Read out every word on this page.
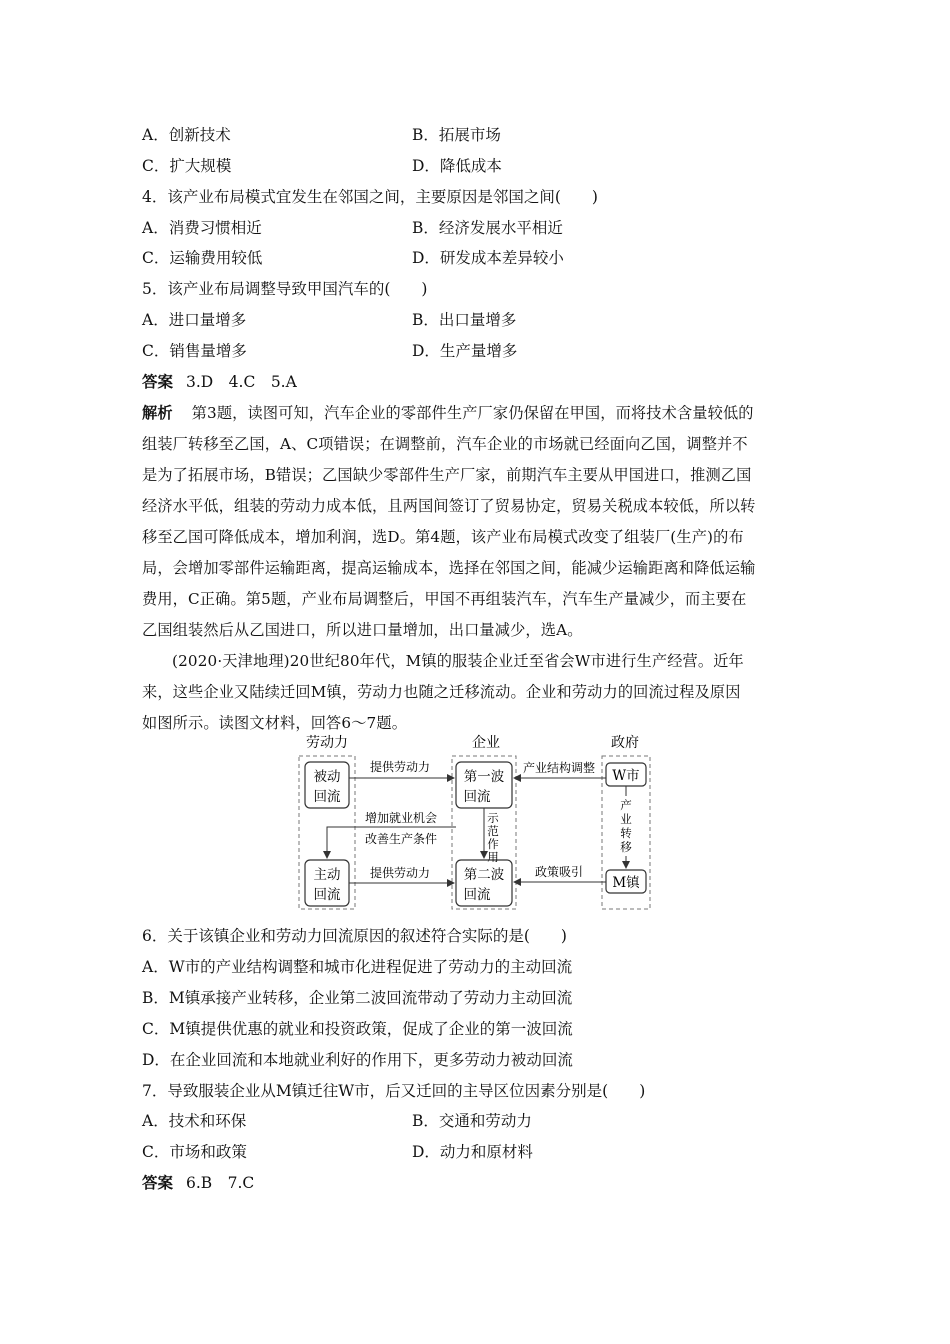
A．创新技术	B．拓展市场
C．扩大规模	D．降低成本
4．该产业布局模式宜发生在邻国之间，主要原因是邻国之间(　　)
A．消费习惯相近	B．经济发展水平相近
C．运输费用较低	D．研发成本差异较小
5．该产业布局调整导致甲国汽车的(　　)
A．进口量增多	B．出口量增多
C．销售量增多	D．生产量增多
答案 3.D　4.C　5.A
解析 第3题，读图可知，汽车企业的零部件生产厂家仍保留在甲国，而将技术含量较低的
组装厂转移至乙国，A、C项错误；在调整前，汽车企业的市场就已经面向乙国，调整并不
是为了拓展市场，B错误；乙国缺少零部件生产厂家，前期汽车主要从甲国进口，推测乙国
经济水平低，组装的劳动力成本低，且两国间签订了贸易协定，贸易关税成本较低，所以转
移至乙国可降低成本，增加利润，选D。第4题，该产业布局模式改变了组装厂(生产)的布
局，会增加零部件运输距离，提高运输成本，选择在邻国之间，能减少运输距离和降低运输
费用，C正确。第5题，产业布局调整后，甲国不再组装汽车，汽车生产量减少，而主要在
乙国组装然后从乙国进口，所以进口量增加，出口量减少，选A。
(2020·天津地理)20世纪80年代，M镇的服装企业迁至省会W市进行生产经营。近年
来，这些企业又陆续迁回M镇，劳动力也随之迁移流动。企业和劳动力的回流过程及原因
如图所示。读图文材料，回答6～7题。
劳动力	企业	政府
被动
回流
主动
回流
第一波
回流
第二波
回流
W市
M镇
提供劳动力	产业结构调整
增加就业机会
改善生产条件
示
范
作
用
产
业
转
移
提供劳动力	政策吸引
6．关于该镇企业和劳动力回流原因的叙述符合实际的是(　　)
A．W市的产业结构调整和城市化进程促进了劳动力的主动回流
B．M镇承接产业转移，企业第二波回流带动了劳动力主动回流
C．M镇提供优惠的就业和投资政策，促成了企业的第一波回流
D．在企业回流和本地就业利好的作用下，更多劳动力被动回流
7．导致服装企业从M镇迁往W市，后又迁回的主导区位因素分别是(　　)
A．技术和环保	B．交通和劳动力
C．市场和政策	D．动力和原材料
答案 6.B　7.C
